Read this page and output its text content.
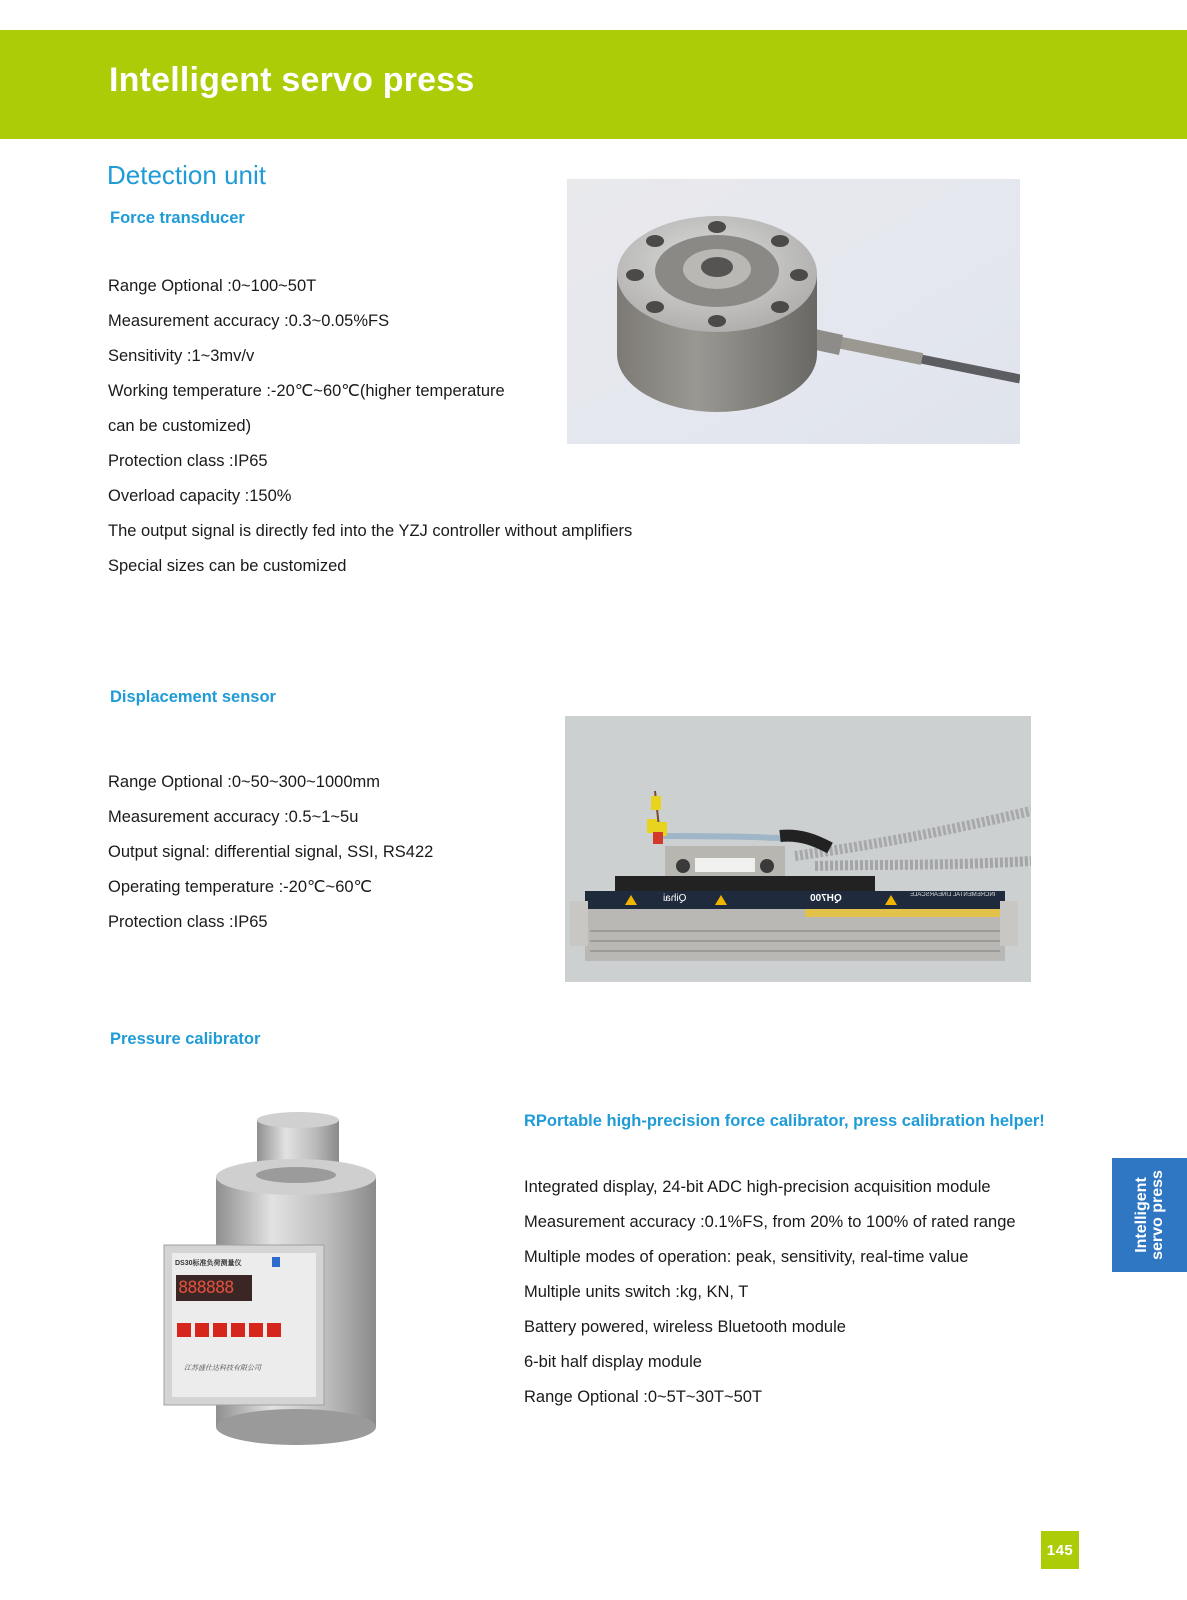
Intelligent servo press
Detection unit
Force transducer
Range Optional :0~100~50T
Measurement accuracy :0.3~0.05%FS
Sensitivity :1~3mv/v
Working temperature :-20℃~60℃(higher temperature
can be customized)
Protection class :IP65
Overload capacity :150%
The output signal is directly fed into the YZJ controller without amplifiers
Special sizes can be customized
Displacement sensor
Range Optional :0~50~300~1000mm
Measurement accuracy :0.5~1~5u
Output signal: differential signal, SSI, RS422
Operating temperature :-20℃~60℃
Protection class :IP65
Qihai	QH700	INCREMENTAL LINEARSCALE
Pressure calibrator
DS30标准负荷测量仪
888888
江苏盛仕达科技有限公司
RPortable high-precision force calibrator, press calibration helper!
Integrated display, 24-bit ADC high-precision acquisition module
Measurement accuracy :0.1%FS, from 20% to 100% of rated range
Multiple modes of operation: peak, sensitivity, real-time value
Multiple units switch :kg, KN, T
Battery powered, wireless Bluetooth module
6-bit half display module
Range Optional :0~5T~30T~50T
Intelligent servo press
145
